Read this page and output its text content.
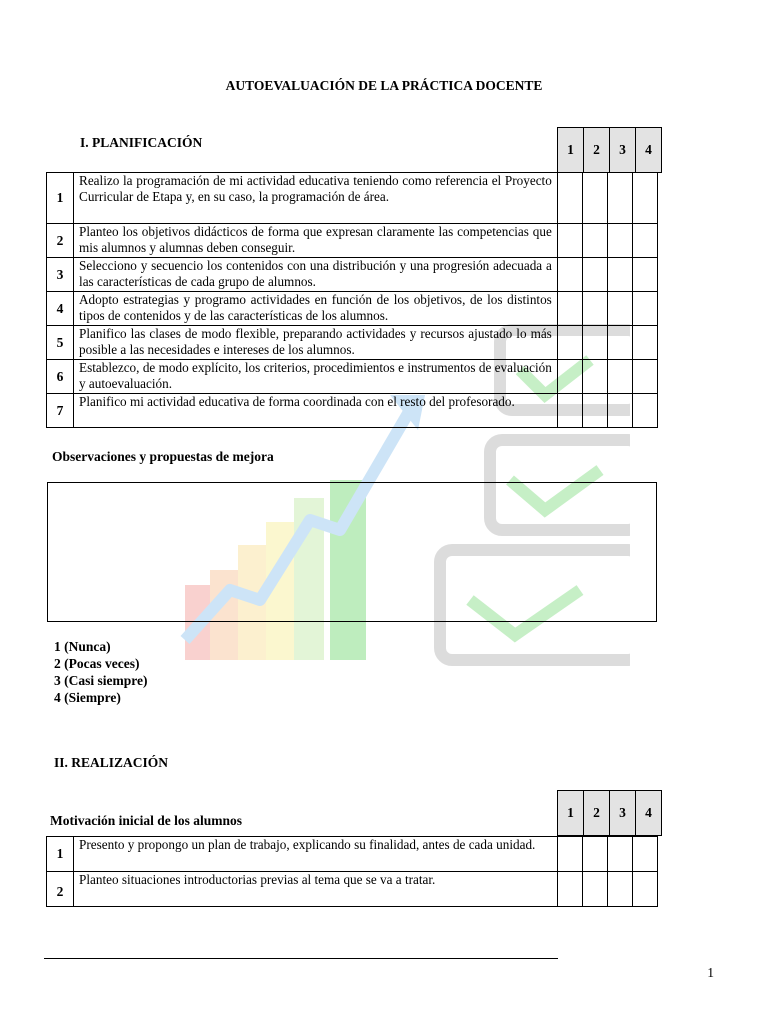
AUTOEVALUACIÓN DE LA PRÁCTICA DOCENTE
I. PLANIFICACIÓN	1	2	3	4
1	Realizo la programación de mi actividad educativa teniendo como referencia el Proyecto Curricular de Etapa y, en su caso, la programación de área.				
2	Planteo los objetivos didácticos de forma que expresan claramente las competencias que mis alumnos y alumnas deben conseguir.				
3	Selecciono y secuencio los contenidos con una distribución y una progresión adecuada a las características de cada grupo de alumnos.				
4	Adopto estrategias y programo actividades en función de los objetivos, de los distintos tipos de contenidos y de las características de los alumnos.				
5	Planifico las clases de modo flexible, preparando actividades y recursos ajustado lo más posible a las necesidades e intereses de los alumnos.				
6	Establezco, de modo explícito, los criterios, procedimientos e instrumentos de evaluación y autoevaluación.				
7	Planifico mi actividad educativa de forma coordinada con el resto del profesorado.				
Observaciones y propuestas de mejora
1 (Nunca)
2 (Pocas veces)
3 (Casi siempre)
4 (Siempre)
II. REALIZACIÓN
Motivación inicial de los alumnos
1	2	3	4
1	Presento y propongo un plan de trabajo, explicando su finalidad, antes de cada unidad.				
2	Planteo situaciones introductorias previas al tema que se va a tratar.				
1
